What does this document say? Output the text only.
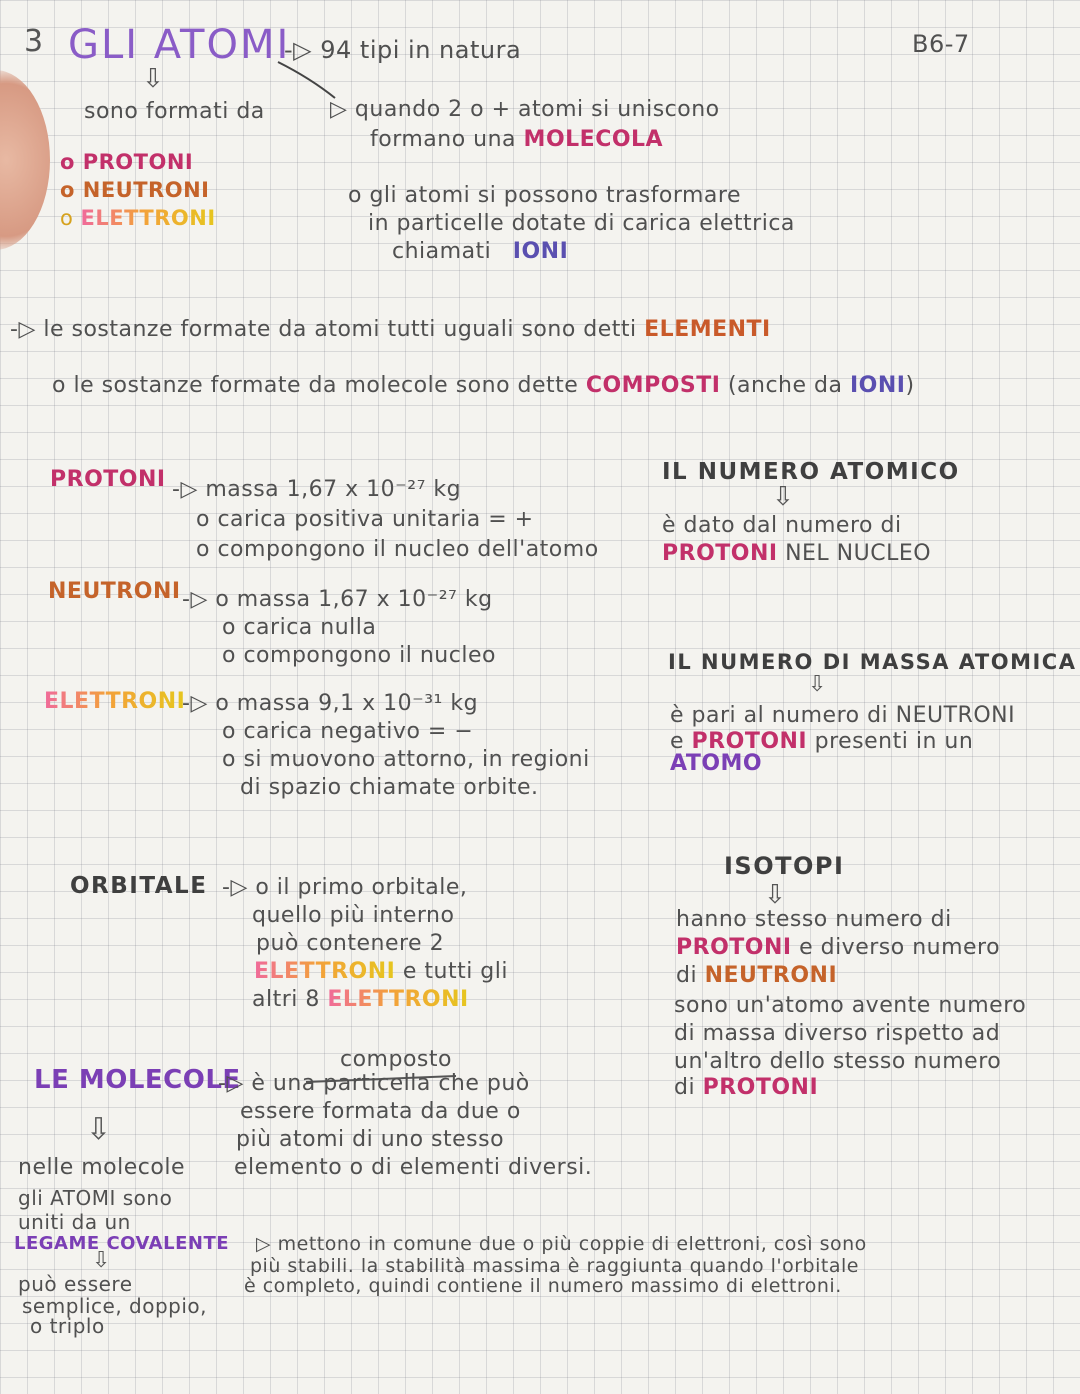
3 GLI ATOMI
-▷ 94 tipi in natura	B6-7
⇩
sono formati da	▷ quando 2 o + atomi si uniscono
formano una MOLECOLA
o PROTONI
o NEUTRONI
o ELETTRONI
o gli atomi si possono trasformare
in particelle dotate di carica elettrica
chiamati IONI
-▷ le sostanze formate da atomi tutti uguali sono detti ELEMENTI
o le sostanze formate da molecole sono dette COMPOSTI (anche da IONI)
PROTONI -▷ massa 1,67 x 10⁻²⁷ kg
o carica positiva unitaria = +
o compongono il nucleo dell'atomo
NEUTRONI -▷ o massa 1,67 x 10⁻²⁷ kg
o carica nulla
o compongono il nucleo
ELETTRONI
-▷ o massa 9,1 x 10⁻³¹ kg
o carica negativo = −
o si muovono attorno, in regioni
di spazio chiamate orbite.
IL NUMERO ATOMICO
⇩
è dato dal numero di
PROTONI NEL NUCLEO
IL NUMERO DI MASSA ATOMICA
⇩
è pari al numero di NEUTRONI
e PROTONI presenti in un
ATOMO
ORBITALE -▷ o il primo orbitale,
quello più interno
può contenere 2
ELETTRONI e tutti gli
altri 8 ELETTRONI
ISOTOPI
⇩
hanno stesso numero di
PROTONI e diverso numero
di NEUTRONI
sono un'atomo avente numero
di massa diverso rispetto ad
un'altro dello stesso numero
di PROTONI
composto
LE MOLECOLE
-▷ è una particella che può
essere formata da due o
più atomi di uno stesso
elemento o di elementi diversi.
⇩
nelle molecole
gli ATOMI sono
uniti da un
LEGAME COVALENTE ▷ mettono in comune due o più coppie di elettroni, così sono
più stabili. la stabilità massima è raggiunta quando l'orbitale
è completo, quindi contiene il numero massimo di elettroni.
⇩
può essere
semplice, doppio,
o triplo
